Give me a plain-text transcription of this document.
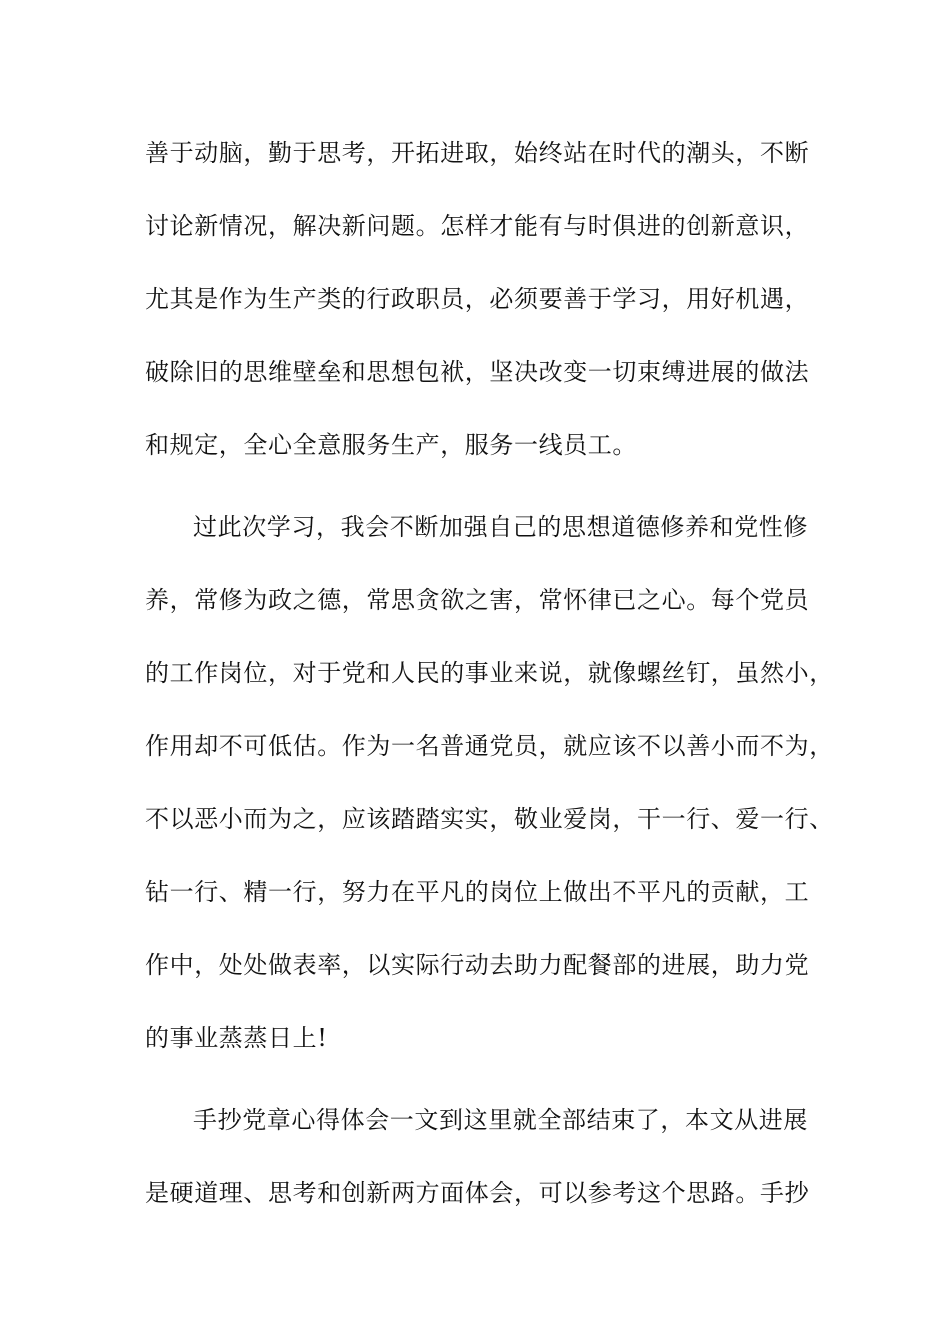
善于动脑，勤于思考，开拓进取，始终站在时代的潮头，不断
讨论新情况，解决新问题。怎样才能有与时俱进的创新意识，
尤其是作为生产类的行政职员，必须要善于学习，用好机遇，
破除旧的思维壁垒和思想包袱，坚决改变一切束缚进展的做法
和规定，全心全意服务生产，服务一线员工。
过此次学习，我会不断加强自己的思想道德修养和党性修
养，常修为政之德，常思贪欲之害，常怀律已之心。每个党员
的工作岗位，对于党和人民的事业来说，就像螺丝钉，虽然小，
作用却不可低估。作为一名普通党员，就应该不以善小而不为，
不以恶小而为之，应该踏踏实实，敬业爱岗，干一行、爱一行、
钻一行、精一行，努力在平凡的岗位上做出不平凡的贡献，工
作中，处处做表率，以实际行动去助力配餐部的进展，助力党
的事业蒸蒸日上!
手抄党章心得体会一文到这里就全部结束了，本文从进展
是硬道理、思考和创新两方面体会，可以参考这个思路。手抄
